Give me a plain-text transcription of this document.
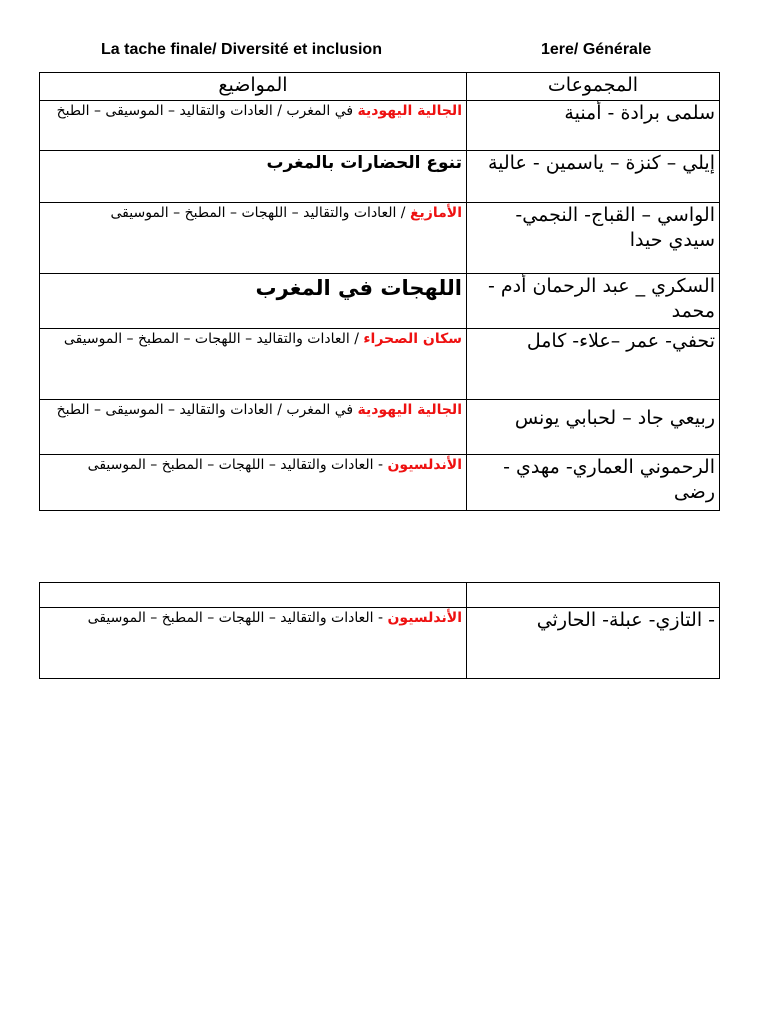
La tache finale/ Diversité et inclusion	1ere/ Générale
المواضيع	المجموعات
الجالية اليهودية في المغرب / العادات والتقاليد – الموسيقى – الطبخ	سلمى برادة - أمنية
تنوع الحضارات بالمغرب	إيلي – كنزة – ياسمين - عالية
الأمازيغ / العادات والتقاليد – اللهجات – المطبخ – الموسيقى	الواسي – القباج- النجمي- سيدي حيدا
اللهجات في المغرب	السكري _ عبد الرحمان أدم - محمد
سكان الصحراء / العادات والتقاليد – اللهجات – المطبخ – الموسيقى	تحفي- عمر –علاء- كامل
الجالية اليهودية في المغرب / العادات والتقاليد – الموسيقى – الطبخ	ربيعي جاد – لحبابي يونس
الأندلسيون - العادات والتقاليد – اللهجات – المطبخ – الموسيقى	الرحموني العماري- مهدي - رضى

الأندلسيون - العادات والتقاليد – اللهجات – المطبخ – الموسيقى	- التازي- عبلة- الحارثي
